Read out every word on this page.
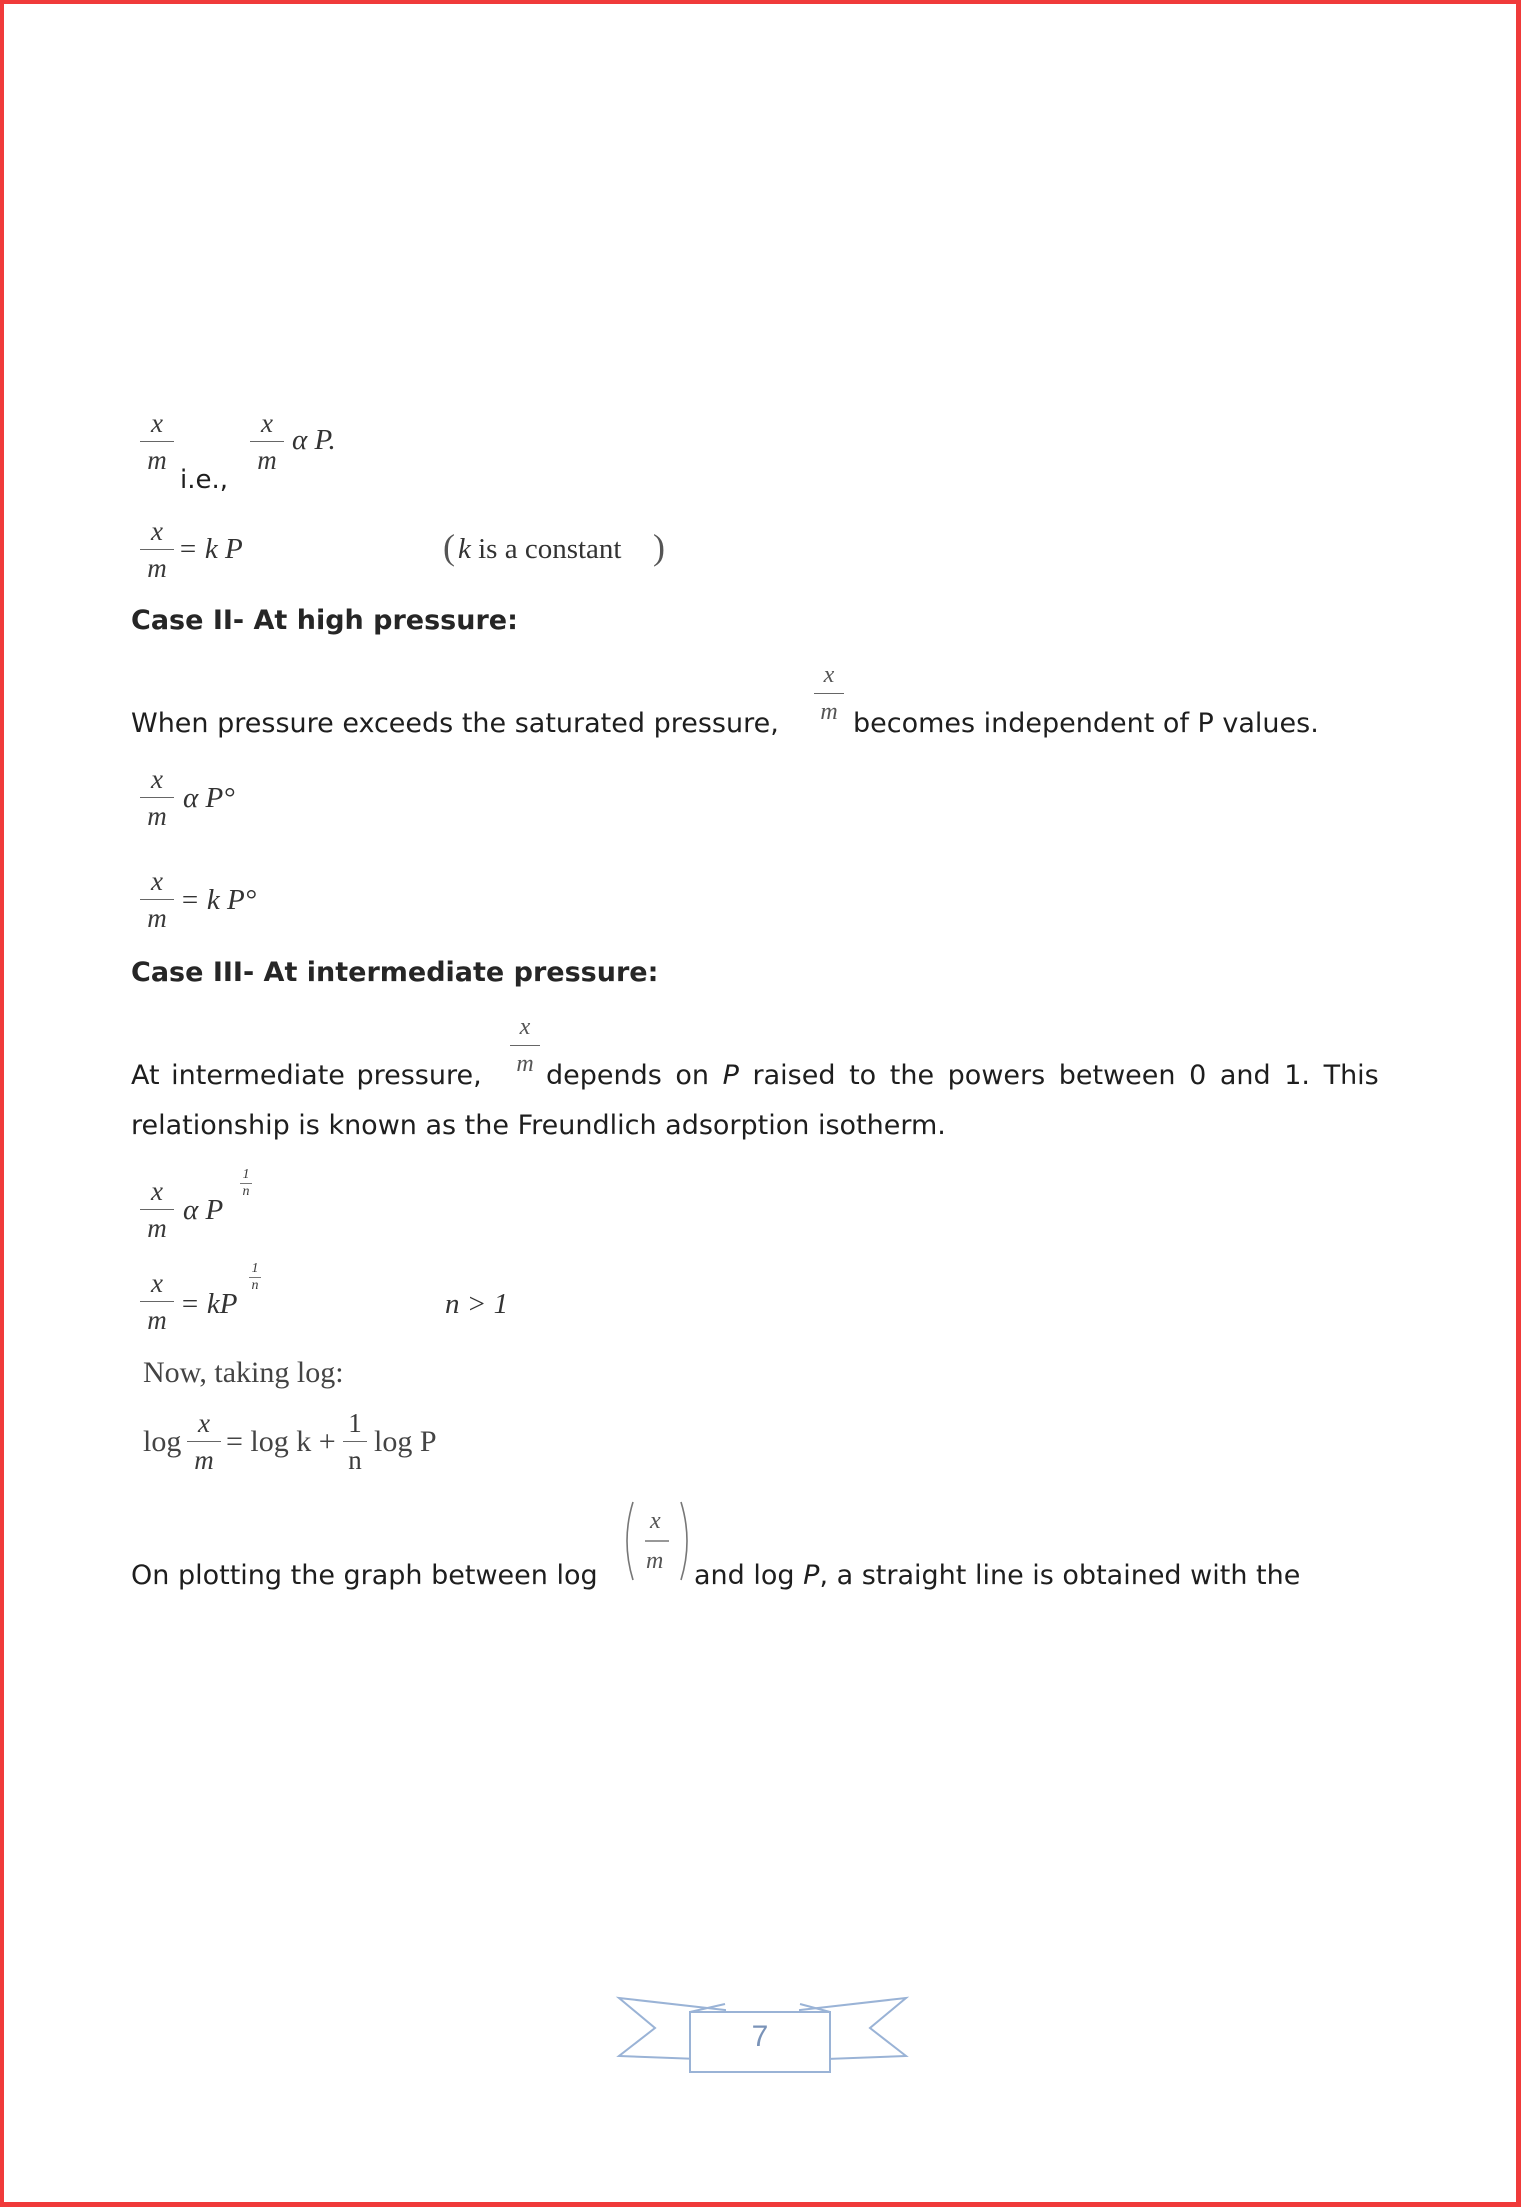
x
m
i.e.,
x
m
α P.
x
m
= k P	( k is a constant )
Case II- At high pressure:
When pressure exceeds the saturated pressure,
x
m becomes independent of P values.
x
m
α P°
x
m
= k P°
Case III- At intermediate pressure:
At intermediate pressure,
x
m depends on P raised to the powers between 0 and 1. This
relationship is known as the Freundlich adsorption isotherm.
x
m
α P
1
n
x
m = kP
1
n
n > 1
Now, taking log:
log
x
m
= log k +
1
n
log P
On plotting the graph between log
x
m and log P, a straight line is obtained with the
7
